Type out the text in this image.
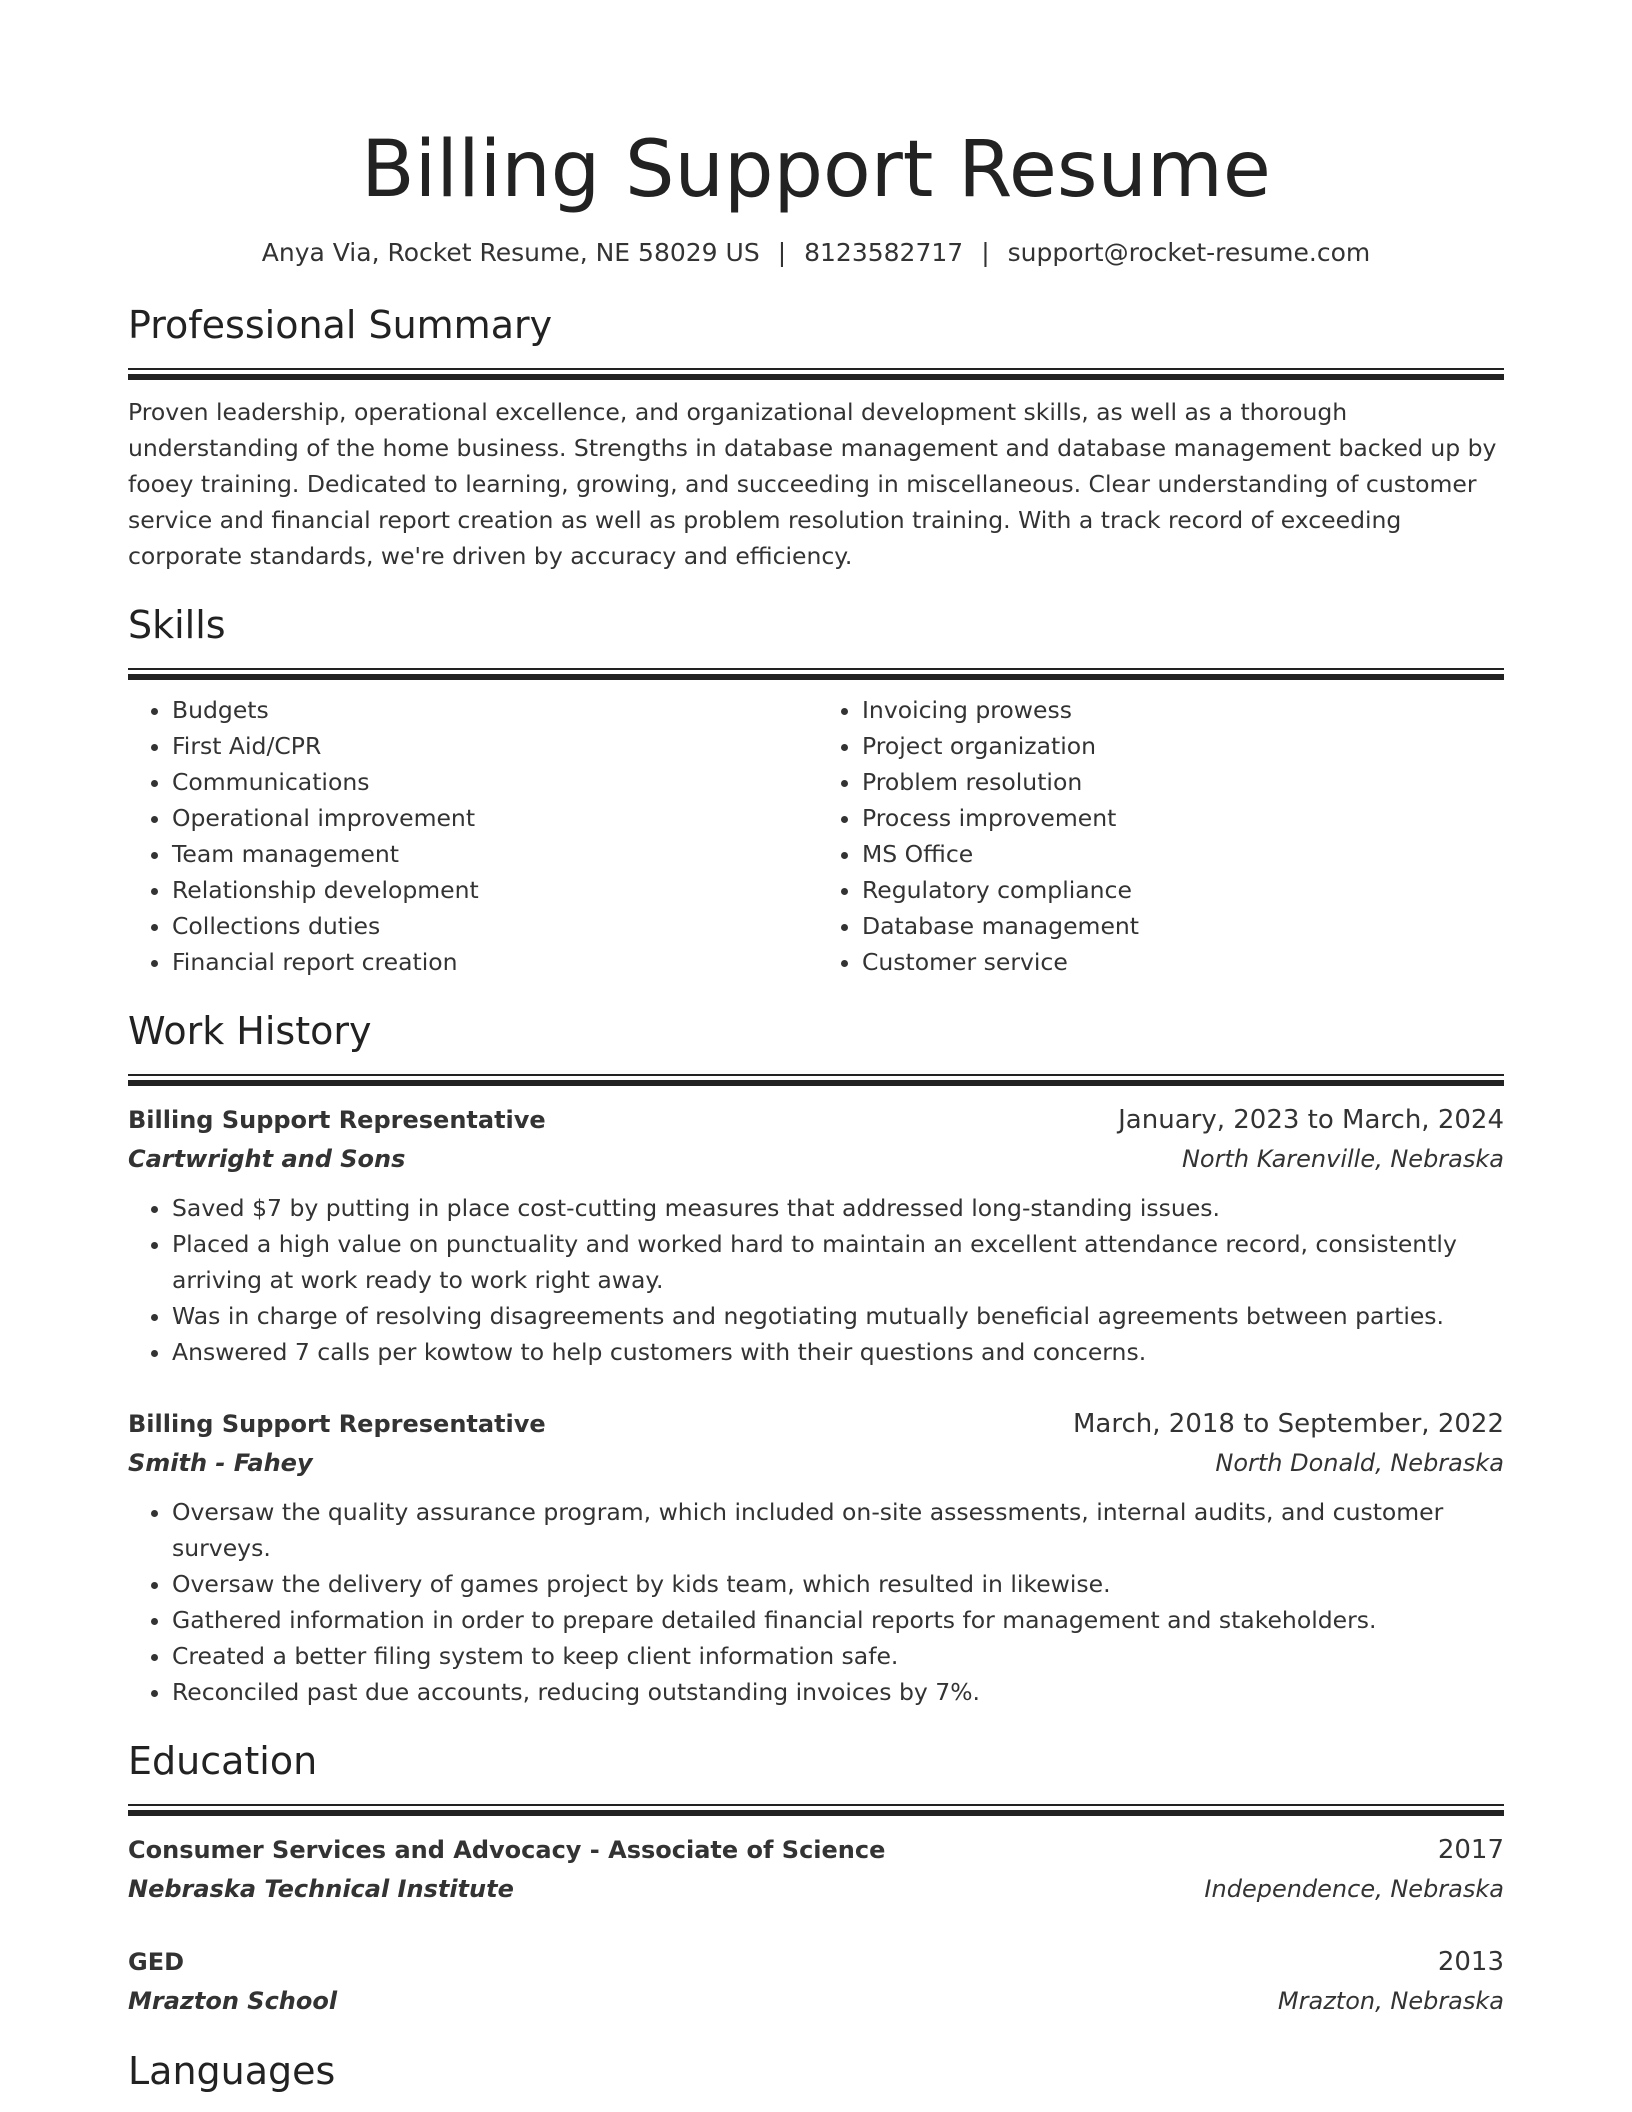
Billing Support Resume
Anya Via, Rocket Resume, NE 58029 US | 8123582717 | support@rocket-resume.com
Professional Summary
Proven leadership, operational excellence, and organizational development skills, as well as a thorough understanding of the home business. Strengths in database management and database management backed up by fooey training. Dedicated to learning, growing, and succeeding in miscellaneous. Clear understanding of customer service and financial report creation as well as problem resolution training. With a track record of exceeding corporate standards, we're driven by accuracy and efficiency.
Skills
• Budgets
• First Aid/CPR
• Communications
• Operational improvement
• Team management
• Relationship development
• Collections duties
• Financial report creation
• Invoicing prowess
• Project organization
• Problem resolution
• Process improvement
• MS Office
• Regulatory compliance
• Database management
• Customer service
Work History
Billing Support Representative	January, 2023 to March, 2024
Cartwright and Sons	North Karenville, Nebraska
• Saved $7 by putting in place cost-cutting measures that addressed long-standing issues.
• Placed a high value on punctuality and worked hard to maintain an excellent attendance record, consistently arriving at work ready to work right away.
• Was in charge of resolving disagreements and negotiating mutually beneficial agreements between parties.
• Answered 7 calls per kowtow to help customers with their questions and concerns.
Billing Support Representative	March, 2018 to September, 2022
Smith - Fahey	North Donald, Nebraska
• Oversaw the quality assurance program, which included on-site assessments, internal audits, and customer surveys.
• Oversaw the delivery of games project by kids team, which resulted in likewise.
• Gathered information in order to prepare detailed financial reports for management and stakeholders.
• Created a better filing system to keep client information safe.
• Reconciled past due accounts, reducing outstanding invoices by 7%.
Education
Consumer Services and Advocacy - Associate of Science	2017
Nebraska Technical Institute	Independence, Nebraska
GED	2013
Mrazton School	Mrazton, Nebraska
Languages
